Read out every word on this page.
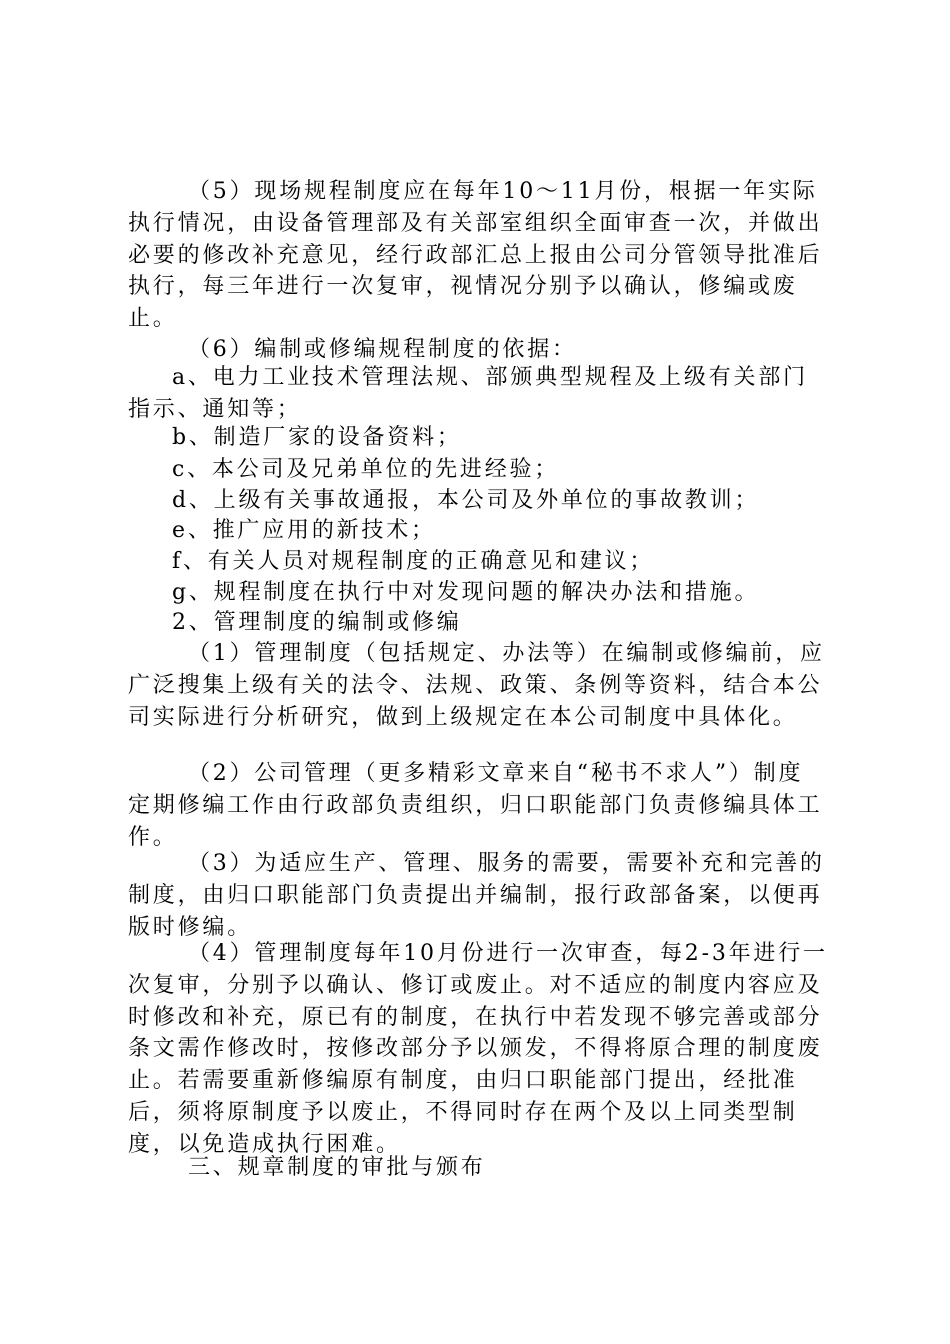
（5）现场规程制度应在每年10～11月份，根据一年实际执行情况，由设备管理部及有关部室组织全面审查一次，并做出必要的修改补充意见，经行政部汇总上报由公司分管领导批准后执行，每三年进行一次复审，视情况分别予以确认，修编或废止。

（6）编制或修编规程制度的依据：

a、电力工业技术管理法规、部颁典型规程及上级有关部门指示、通知等；

b、制造厂家的设备资料；

c、本公司及兄弟单位的先进经验；

d、上级有关事故通报，本公司及外单位的事故教训；

e、推广应用的新技术；

f、有关人员对规程制度的正确意见和建议；

g、规程制度在执行中对发现问题的解决办法和措施。

2、管理制度的编制或修编

（1）管理制度（包括规定、办法等）在编制或修编前，应广泛搜集上级有关的法令、法规、政策、条例等资料，结合本公司实际进行分析研究，做到上级规定在本公司制度中具体化。

（2）公司管理（更多精彩文章来自“秘书不求人”）制度定期修编工作由行政部负责组织，归口职能部门负责修编具体工作。

（3）为适应生产、管理、服务的需要，需要补充和完善的制度，由归口职能部门负责提出并编制，报行政部备案，以便再版时修编。

（4）管理制度每年10月份进行一次审查，每2-3年进行一次复审，分别予以确认、修订或废止。对不适应的制度内容应及时修改和补充，原已有的制度，在执行中若发现不够完善或部分条文需作修改时，按修改部分予以颁发，不得将原合理的制度废止。若需要重新修编原有制度，由归口职能部门提出，经批准后，须将原制度予以废止，不得同时存在两个及以上同类型制度，以免造成执行困难。

三、规章制度的审批与颁布
